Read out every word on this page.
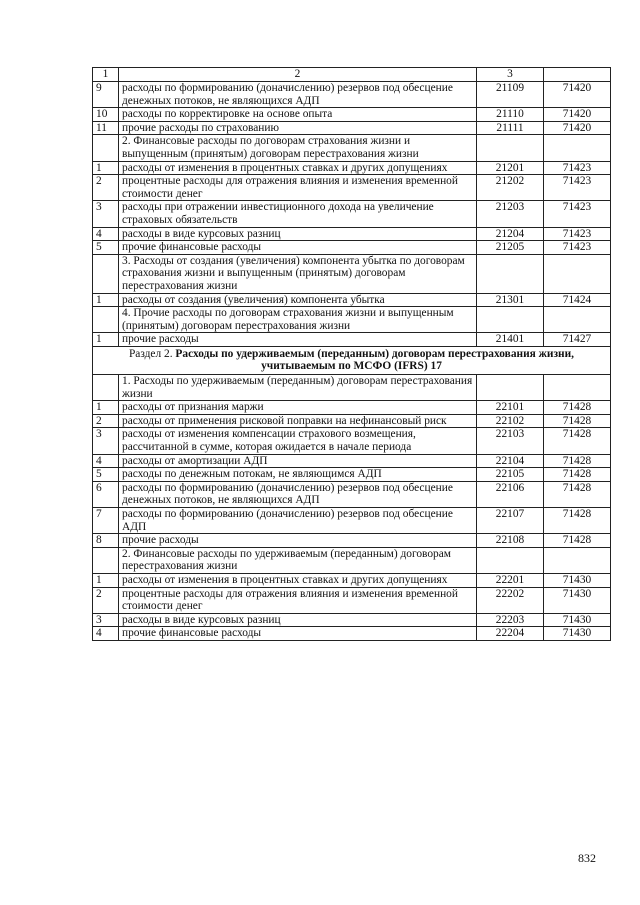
1	2	3	
9	расходы по формированию (доначислению) резервов под обесцение денежных потоков, не являющихся АДП	21109	71420
10	расходы по корректировке на основе опыта	21110	71420
11	прочие расходы по страхованию	21111	71420
	2. Финансовые расходы по договорам страхования жизни и выпущенным (принятым) договорам перестрахования жизни		
1	расходы от изменения в процентных ставках и других допущениях	21201	71423
2	процентные расходы для отражения влияния и изменения временной стоимости денег	21202	71423
3	расходы при отражении инвестиционного дохода на увеличение страховых обязательств	21203	71423
4	расходы в виде курсовых разниц	21204	71423
5	прочие финансовые расходы	21205	71423
	3. Расходы от создания (увеличения) компонента убытка по договорам страхования жизни и выпущенным (принятым) договорам перестрахования жизни		
1	расходы от создания (увеличения) компонента убытка	21301	71424
	4. Прочие расходы по договорам страхования жизни и выпущенным (принятым) договорам перестрахования жизни		
1	прочие расходы	21401	71427
Раздел 2. Расходы по удерживаемым (переданным) договорам перестрахования жизни, учитываемым по МСФО (IFRS) 17			
	1. Расходы по удерживаемым (переданным) договорам перестрахования жизни		
1	расходы от признания маржи	22101	71428
2	расходы от применения рисковой поправки на нефинансовый риск	22102	71428
3	расходы от изменения компенсации страхового возмещения, рассчитанной в сумме, которая ожидается в начале периода	22103	71428
4	расходы от амортизации АДП	22104	71428
5	расходы по денежным потокам, не являющимся АДП	22105	71428
6	расходы по формированию (доначислению) резервов под обесцение денежных потоков, не являющихся АДП	22106	71428
7	расходы по формированию (доначислению) резервов под обесцение АДП	22107	71428
8	прочие расходы	22108	71428
	2. Финансовые расходы по удерживаемым (переданным) договорам перестрахования жизни		
1	расходы от изменения в процентных ставках и других допущениях	22201	71430
2	процентные расходы для отражения влияния и изменения временной стоимости денег	22202	71430
3	расходы в виде курсовых разниц	22203	71430
4	прочие финансовые расходы	22204	71430
832
